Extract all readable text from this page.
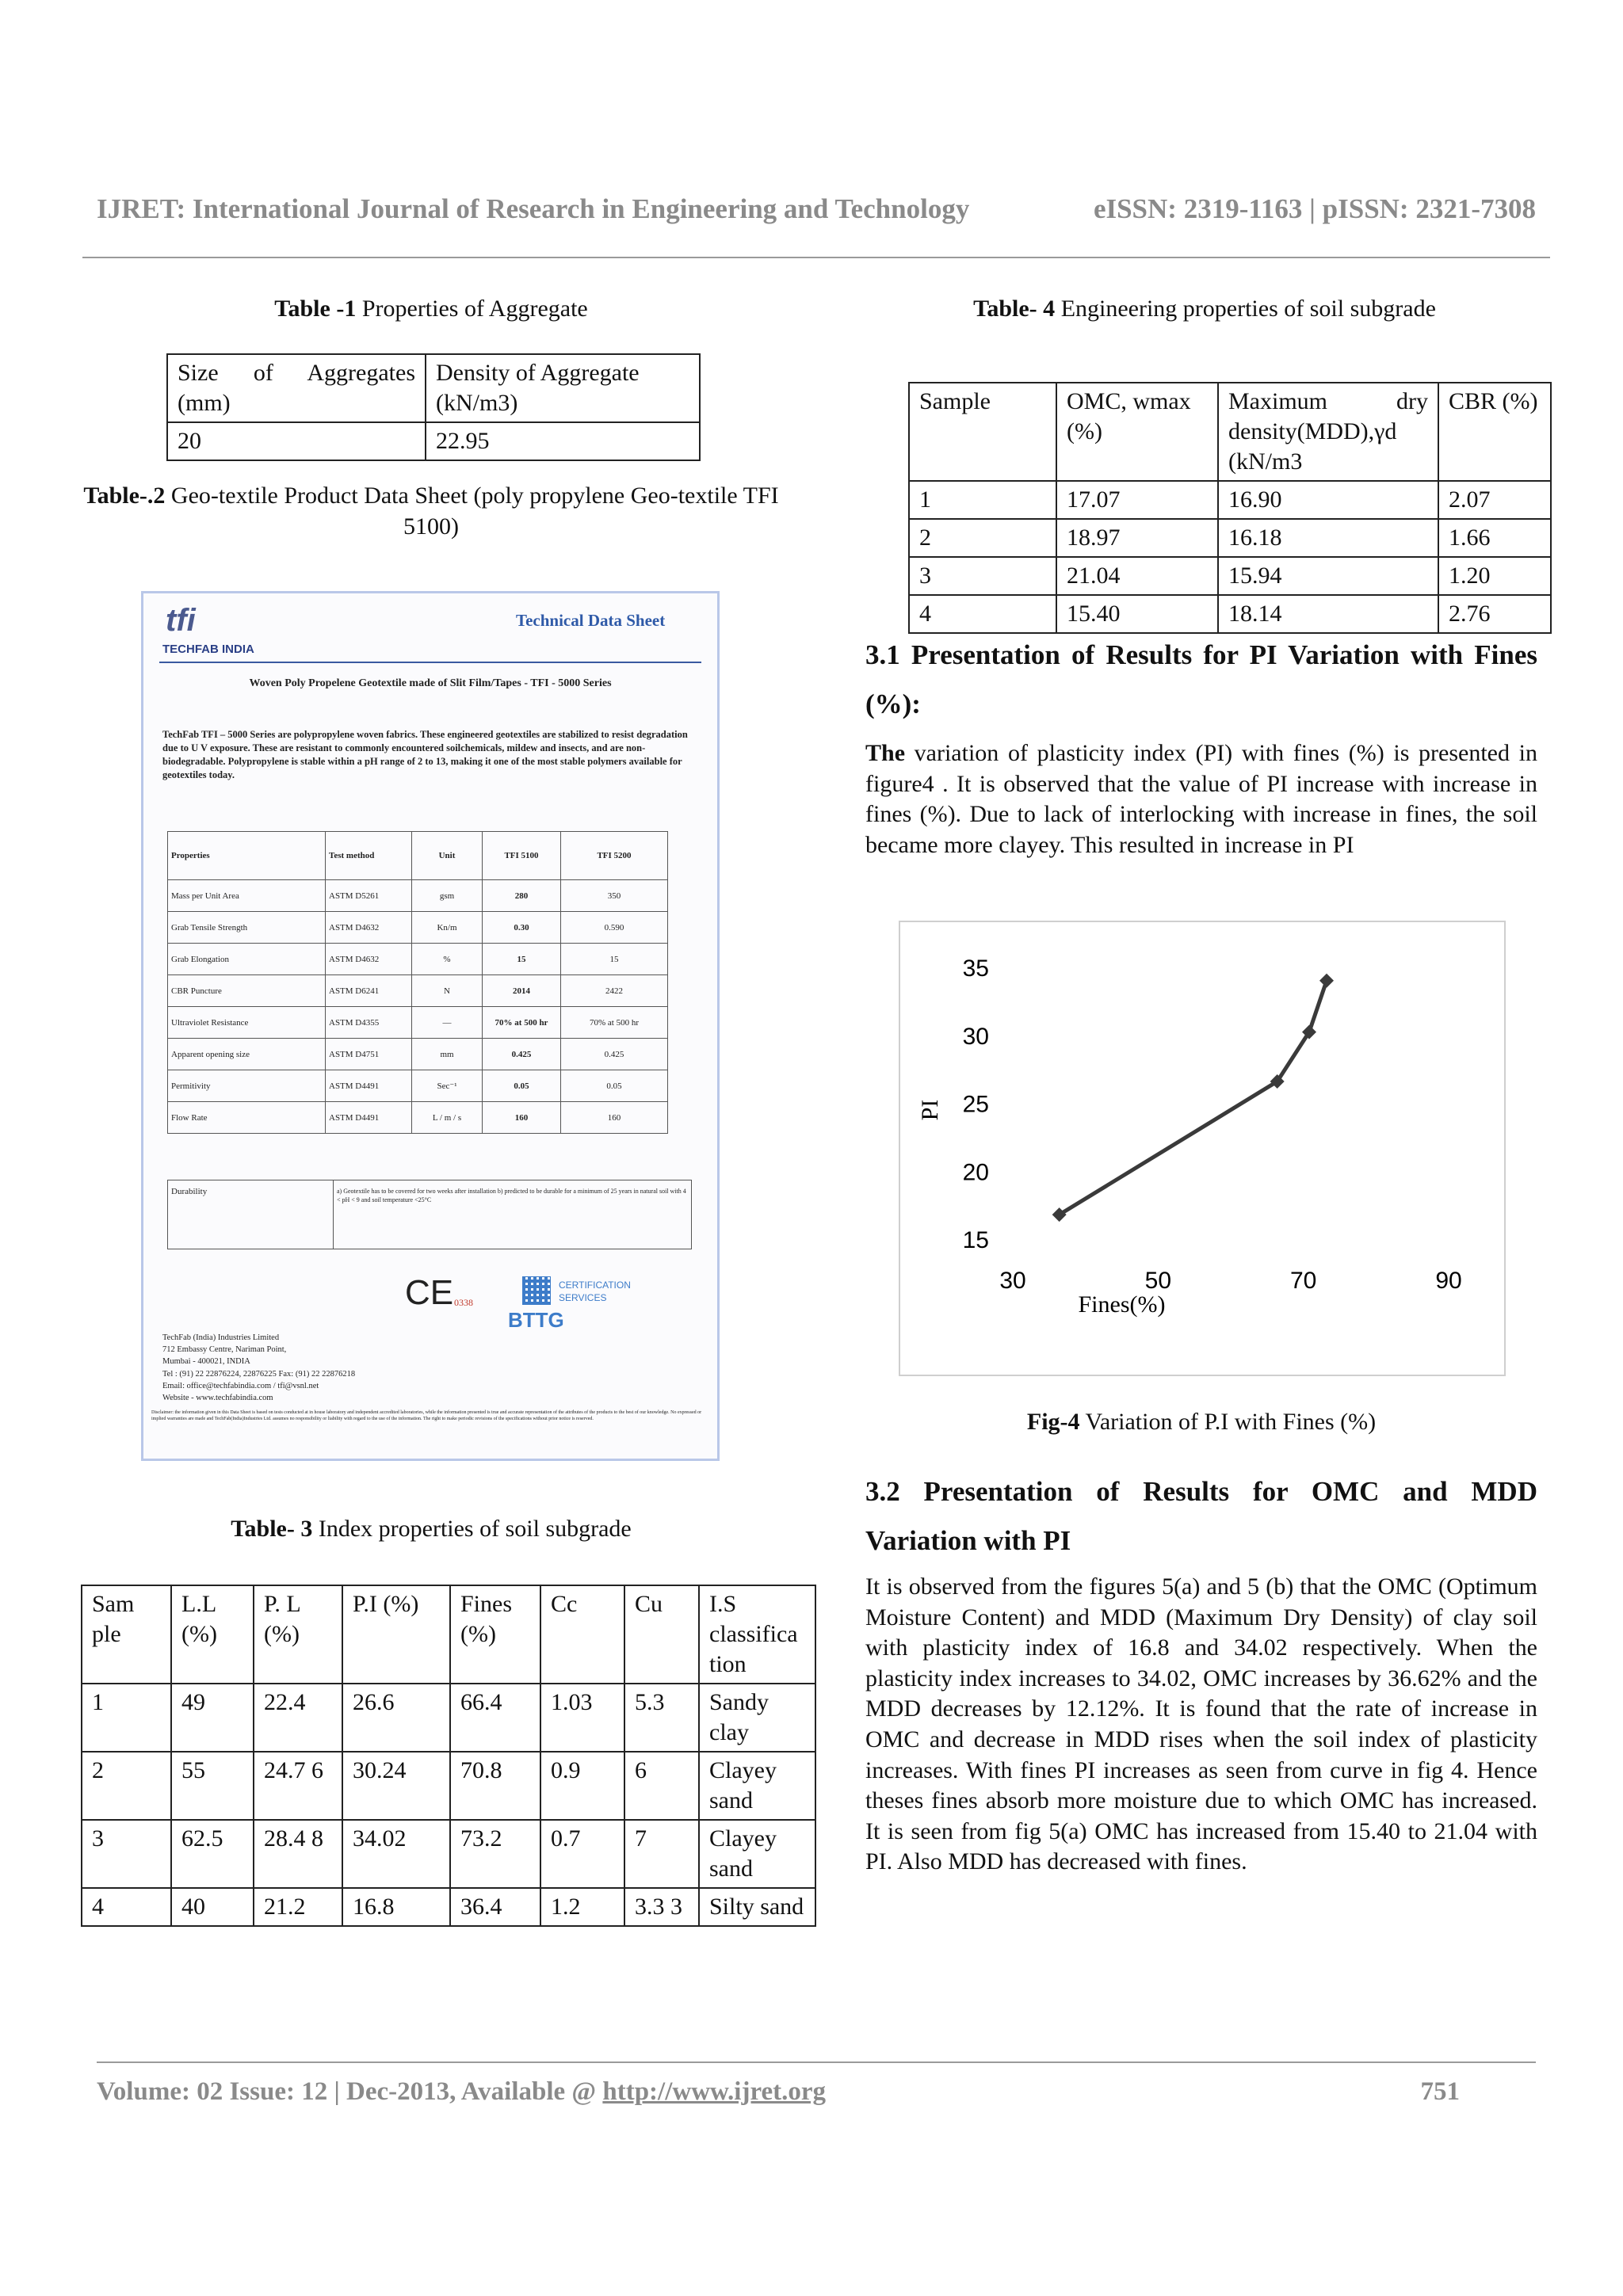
IJRET: International Journal of Research in Engineering and Technology	eISSN: 2319-1163 | pISSN: 2321-7308
Table -1 Properties of Aggregate
Size of Aggregates (mm)	Density of Aggregate (kN/m3)
20	22.95
Table-.2 Geo-textile Product Data Sheet (poly propylene Geo-textile TFI 5100)
tfi
TECHFAB INDIA
Technical Data Sheet
Woven Poly Propelene Geotextile made of Slit Film/Tapes - TFI - 5000 Series
TechFab TFI – 5000 Series are polypropylene woven fabrics. These engineered geotextiles are stabilized to resist degradation due to U V exposure. These are resistant to commonly encountered soilchemicals, mildew and insects, and are non-biodegradable. Polypropylene is stable within a pH range of 2 to 13, making it one of the most stable polymers available for geotextiles today.
Properties	Test method	Unit	TFI 5100	TFI 5200
Mass per Unit Area	ASTM D5261	gsm	280	350
Grab Tensile Strength	ASTM D4632	Kn/m	0.30	0.590
Grab Elongation	ASTM D4632	%	15	15
CBR Puncture	ASTM D6241	N	2014	2422
Ultraviolet Resistance	ASTM D4355	—	70% at 500 hr	70% at 500 hr
Apparent opening size	ASTM D4751	mm	0.425	0.425
Permitivity	ASTM D4491	Sec⁻¹	0.05	0.05
Flow Rate	ASTM D4491	L / m / s	160	160
Durability	a) Geotextile has to be covered for two weeks after installation b) predicted to be durable for a minimum of 25 years in natural soil with 4 < pH < 9 and soil temperature <25°C
CE 0338
CERTIFICATION
SERVICES
BTTG
TechFab (India) Industries Limited
712 Embassy Centre, Nariman Point,
Mumbai - 400021, INDIA
Tel : (91) 22 22876224, 22876225 Fax: (91) 22 22876218
Email: office@techfabindia.com / tfi@vsnl.net
Website - www.techfabindia.com
Disclaimer: the information given in this Data Sheet is based on tests conducted at in house laboratory and independent accredited laboratories, while the information presented is true and accurate representation of the attributes of the products to the best of our knowledge. No expressed or implied warranties are made and TechFab(India)Industries Ltd. assumes no responsibility or liability with regard to the use of the information. The right to make periodic revisions of the specifications without prior notice is reserved.
Table- 3 Index properties of soil subgrade
Sam ple	L.L (%)	P. L (%)	P.I (%)	Fines (%)	Cc	Cu	I.S classifica tion
1	49	22.4	26.6	66.4	1.03	5.3	Sandy clay
2	55	24.7 6	30.24	70.8	0.9	6	Clayey sand
3	62.5	28.4 8	34.02	73.2	0.7	7	Clayey sand
4	40	21.2	16.8	36.4	1.2	3.3 3	Silty sand
Table- 4 Engineering properties of soil subgrade
Sample	OMC, wmax (%)	Maximum dry density(MDD),γd (kN/m3	CBR (%)
1	17.07	16.90	2.07
2	18.97	16.18	1.66
3	21.04	15.94	1.20
4	15.40	18.14	2.76
3.1 Presentation of Results for PI Variation with Fines (%):
The variation of plasticity index (PI) with fines (%) is presented in figure4 . It is observed that the value of PI increase with increase in fines (%). Due to lack of interlocking with increase in fines, the soil became more clayey. This resulted in increase in PI
15
20
25
30
35
30	50	70	90
Fines(%)
PI
Fig-4 Variation of P.I with Fines (%)
3.2 Presentation of Results for OMC and MDD Variation with PI
It is observed from the figures 5(a) and 5 (b) that the OMC (Optimum Moisture Content) and MDD (Maximum Dry Density) of clay soil with plasticity index of 16.8 and 34.02 respectively. When the plasticity index increases to 34.02, OMC increases by 36.62% and the MDD decreases by 12.12%. It is found that the rate of increase in OMC and decrease in MDD rises when the soil index of plasticity increases. With fines PI increases as seen from curve in fig 4. Hence theses fines absorb more moisture due to which OMC has increased. It is seen from fig 5(a) OMC has increased from 15.40 to 21.04 with PI. Also MDD has decreased with fines.
Volume: 02 Issue: 12 | Dec-2013, Available @ http://www.ijret.org	751
